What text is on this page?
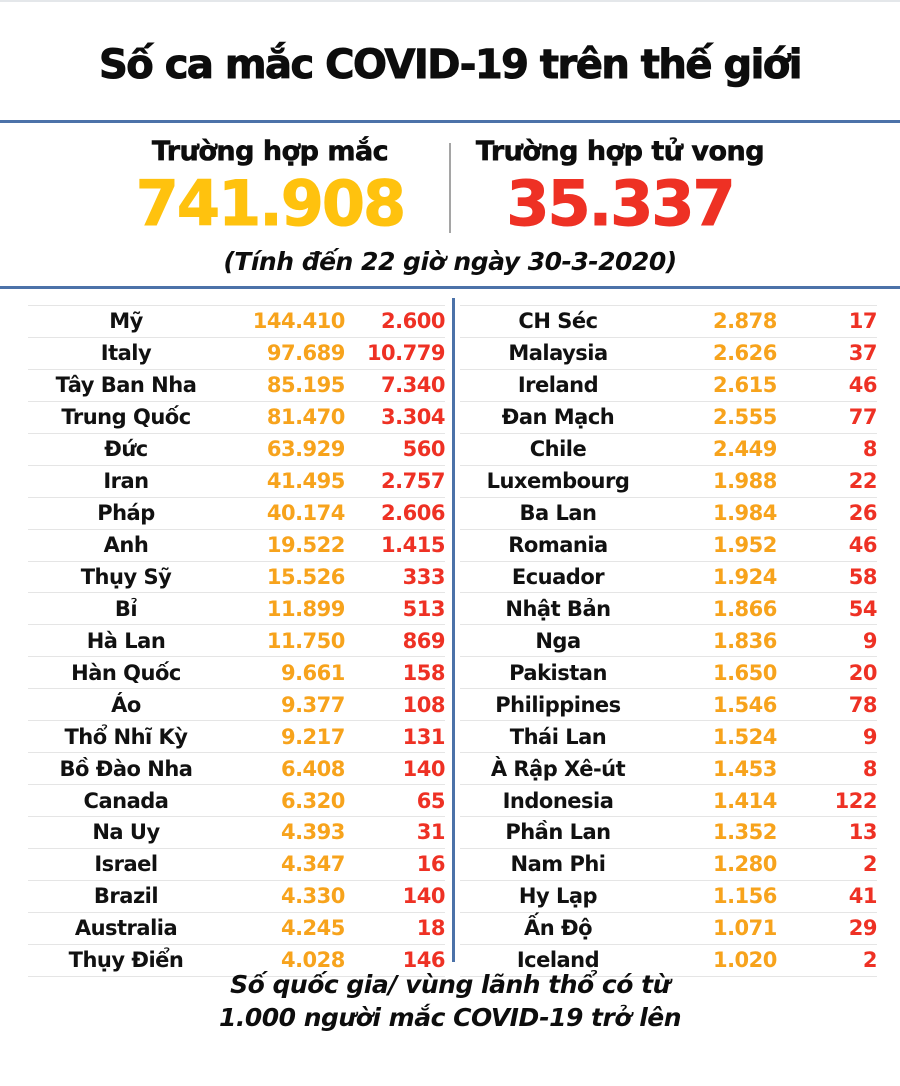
Số ca mắc COVID-19 trên thế giới
Trường hợp mắc
741.908
Trường hợp tử vong
35.337
(Tính đến 22 giờ ngày 30-3-2020)
Mỹ	144.410	2.600
Italy	97.689	10.779
Tây Ban Nha	85.195	7.340
Trung Quốc	81.470	3.304
Đức	63.929	560
Iran	41.495	2.757
Pháp	40.174	2.606
Anh	19.522	1.415
Thụy Sỹ	15.526	333
Bỉ	11.899	513
Hà Lan	11.750	869
Hàn Quốc	9.661	158
Áo	9.377	108
Thổ Nhĩ Kỳ	9.217	131
Bồ Đào Nha	6.408	140
Canada	6.320	65
Na Uy	4.393	31
Israel	4.347	16
Brazil	4.330	140
Australia	4.245	18
Thụy Điển	4.028	146
CH Séc	2.878	17
Malaysia	2.626	37
Ireland	2.615	46
Đan Mạch	2.555	77
Chile	2.449	8
Luxembourg	1.988	22
Ba Lan	1.984	26
Romania	1.952	46
Ecuador	1.924	58
Nhật Bản	1.866	54
Nga	1.836	9
Pakistan	1.650	20
Philippines	1.546	78
Thái Lan	1.524	9
À Rập Xê-út	1.453	8
Indonesia	1.414	122
Phần Lan	1.352	13
Nam Phi	1.280	2
Hy Lạp	1.156	41
Ấn Độ	1.071	29
Iceland	1.020	2
Số quốc gia/ vùng lãnh thổ có từ
1.000 người mắc COVID-19 trở lên
